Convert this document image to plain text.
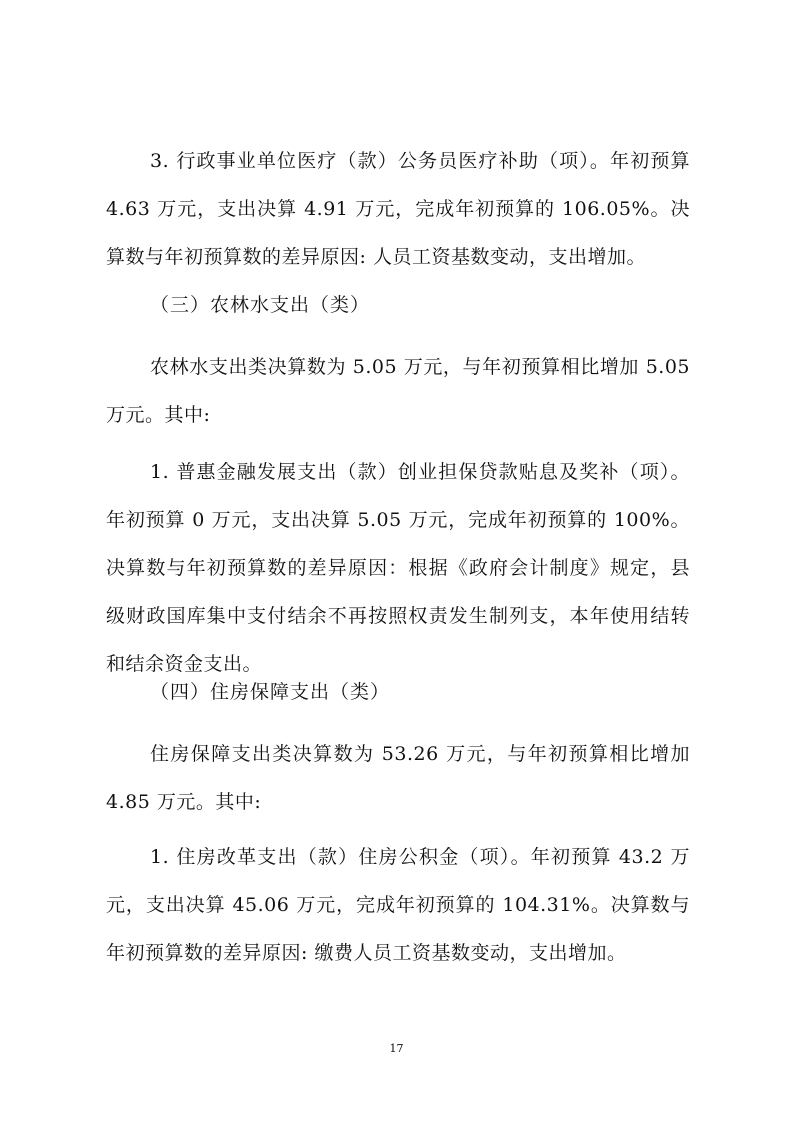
3. 行政事业单位医疗（款）公务员医疗补助（项）。年初预算 4.63 万元，支出决算 4.91 万元，完成年初预算的 106.05%。决算数与年初预算数的差异原因: 人员工资基数变动，支出增加。

（三）农林水支出（类）

农林水支出类决算数为 5.05 万元，与年初预算相比增加 5.05 万元。其中:

1. 普惠金融发展支出（款）创业担保贷款贴息及奖补（项）。年初预算 0 万元，支出决算 5.05 万元，完成年初预算的 100%。决算数与年初预算数的差异原因：根据《政府会计制度》规定，县级财政国库集中支付结余不再按照权责发生制列支，本年使用结转和结余资金支出。

（四）住房保障支出（类）

住房保障支出类决算数为 53.26 万元，与年初预算相比增加 4.85 万元。其中:

1. 住房改革支出（款）住房公积金（项）。年初预算 43.2 万元，支出决算 45.06 万元，完成年初预算的 104.31%。决算数与年初预算数的差异原因: 缴费人员工资基数变动，支出增加。

17
